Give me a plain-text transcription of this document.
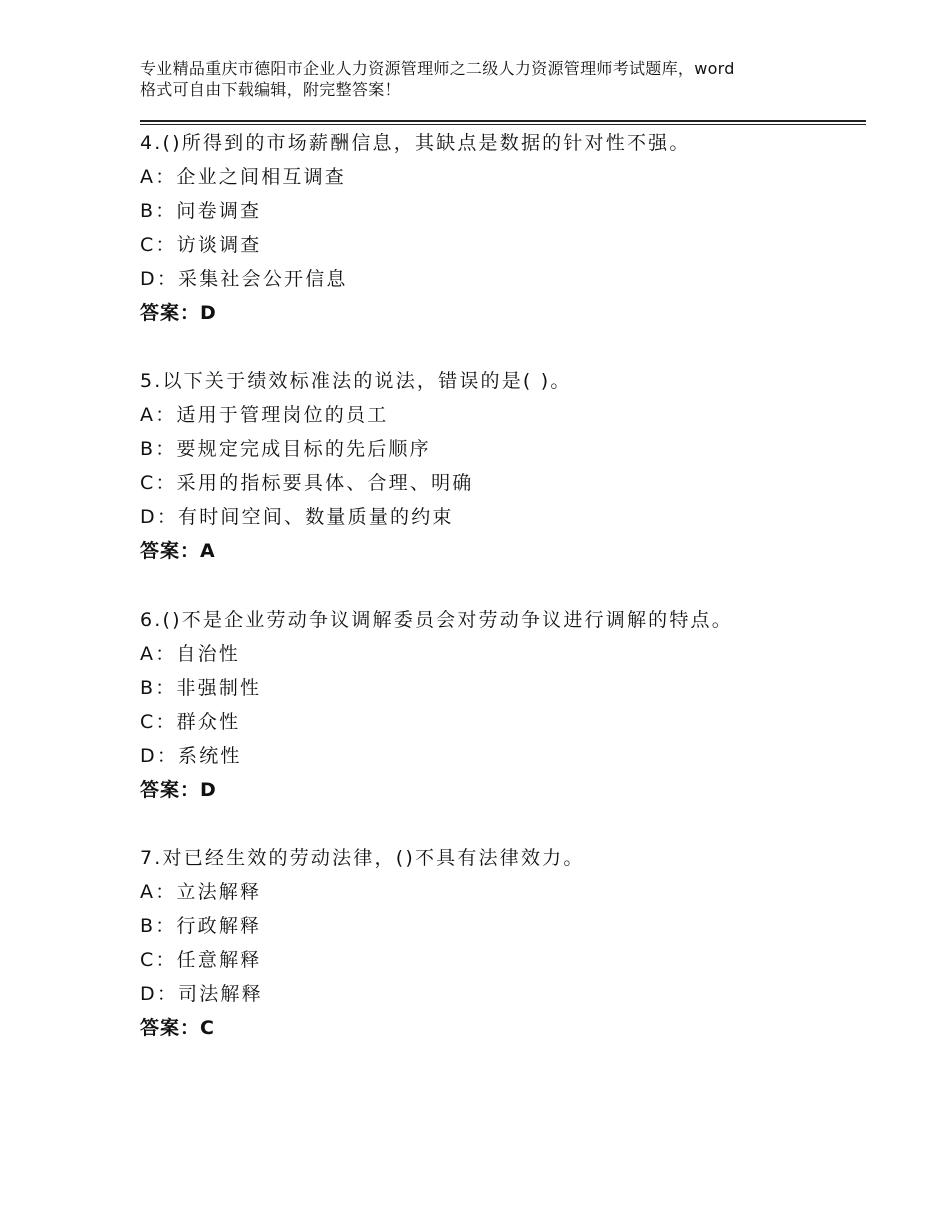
专业精品重庆市德阳市企业人力资源管理师之二级人力资源管理师考试题库，word
格式可自由下载编辑，附完整答案！
4.()所得到的市场薪酬信息，其缺点是数据的针对性不强。
A：企业之间相互调查
B：问卷调查
C：访谈调查
D：采集社会公开信息
答案：D
5.以下关于绩效标准法的说法，错误的是( )。
A：适用于管理岗位的员工
B：要规定完成目标的先后顺序
C：采用的指标要具体、合理、明确
D：有时间空间、数量质量的约束
答案：A
6.()不是企业劳动争议调解委员会对劳动争议进行调解的特点。
A：自治性
B：非强制性
C：群众性
D：系统性
答案：D
7.对已经生效的劳动法律，()不具有法律效力。
A：立法解释
B：行政解释
C：任意解释
D：司法解释
答案：C
